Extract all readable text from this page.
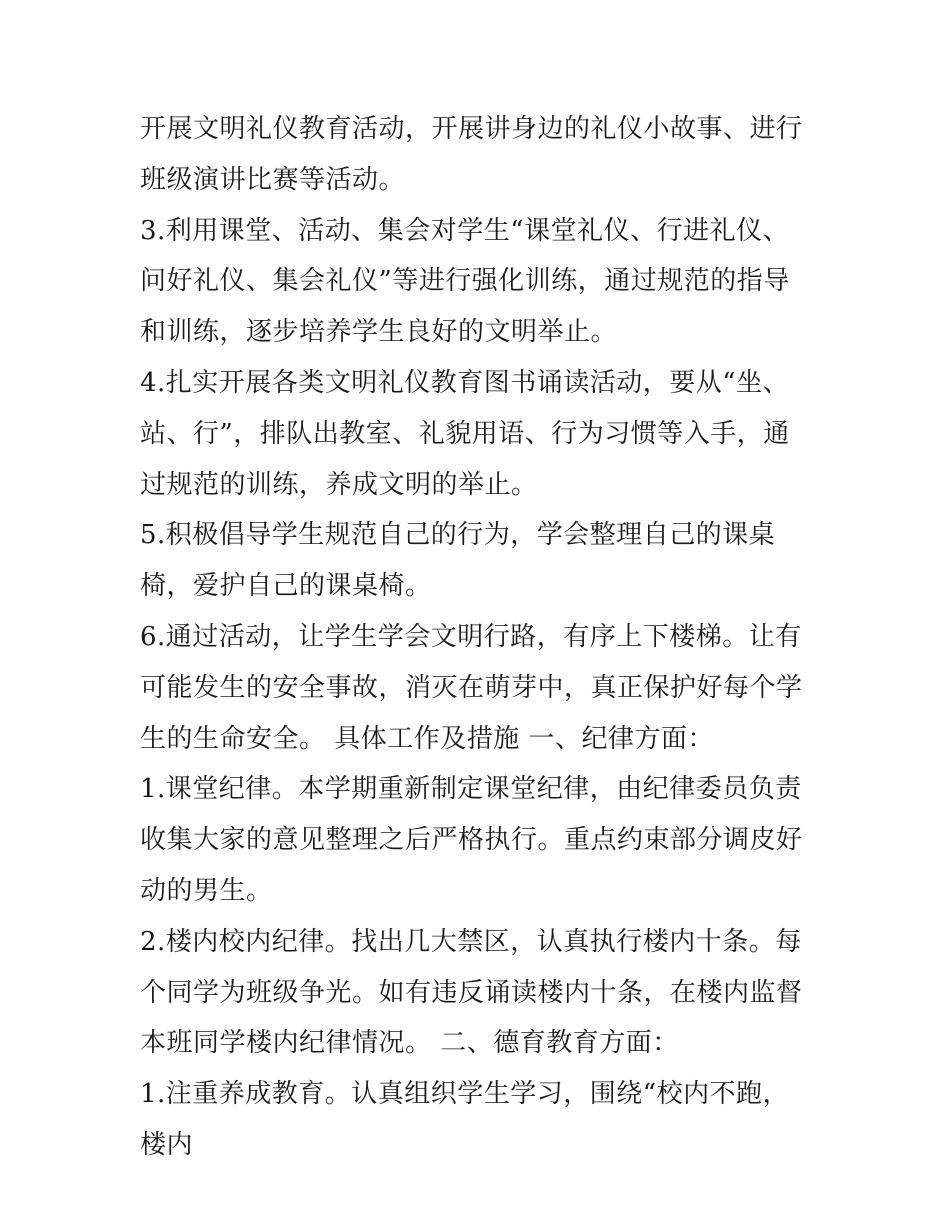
开展文明礼仪教育活动，开展讲身边的礼仪小故事、进行班级演讲比赛等活动。

3.利用课堂、活动、集会对学生“课堂礼仪、行进礼仪、问好礼仪、集会礼仪”等进行强化训练，通过规范的指导和训练，逐步培养学生良好的文明举止。

4.扎实开展各类文明礼仪教育图书诵读活动，要从“坐、站、行”，排队出教室、礼貌用语、行为习惯等入手，通过规范的训练，养成文明的举止。

5.积极倡导学生规范自己的行为，学会整理自己的课桌椅，爱护自己的课桌椅。

6.通过活动，让学生学会文明行路，有序上下楼梯。让有可能发生的安全事故，消灭在萌芽中，真正保护好每个学生的生命安全。 具体工作及措施 一、纪律方面：

1.课堂纪律。本学期重新制定课堂纪律，由纪律委员负责收集大家的意见整理之后严格执行。重点约束部分调皮好动的男生。

2.楼内校内纪律。找出几大禁区，认真执行楼内十条。每个同学为班级争光。如有违反诵读楼内十条，在楼内监督本班同学楼内纪律情况。 二、德育教育方面：

1.注重养成教育。认真组织学生学习，围绕“校内不跑，楼内
